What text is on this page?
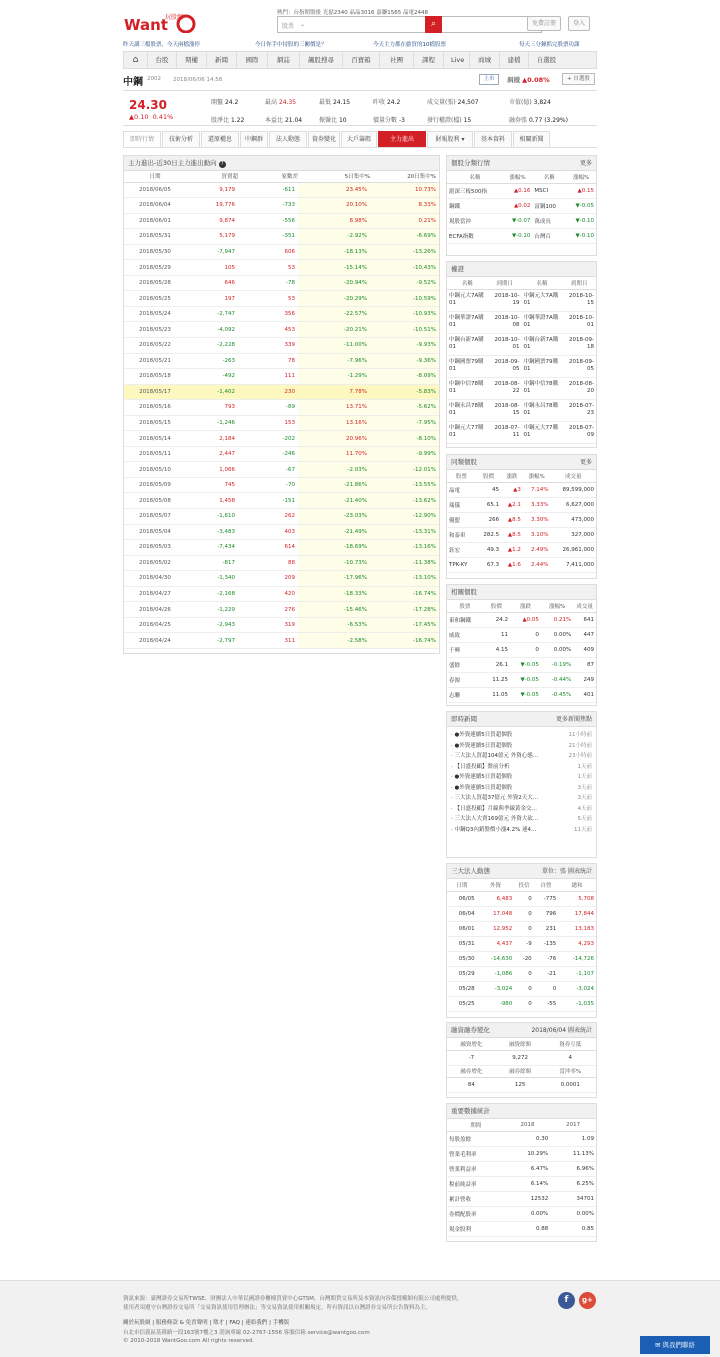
Want
玩股網
熱門：台指期盤後 光磊2340 晶晶3016 嘉聯1565 晶電2448
股票 ⌄	⌕	免費註冊	登入
昨天講三檔股票，今天兩檔漲停	今日你手中持股的三關價是？	今天主力都在偷買的10檔股票	每天三分鐘抓完股票功課
⌂	台股	期權	新聞	國際	網誌	飆股搜尋	百寶箱	社團	課程	Live	商城	建檔	自選股
中鋼 2002 2018/06/06 14:58	上市	鋼鐵 ▲0.08%	+ 自選股
24.30
▲0.10 0.41%
開盤 24.2	最高 24.35	最低 24.15	昨收 24.2	成交量(張) 24,507	市值(億) 3,824
股淨比 1.22	本益比 21.04	振盪比 10	價量分數 -3	發行權證(檔) 15	融券張 0.77 (3.29%)
即時行情	技術分析	還原權息	中鋼群	法人動態	資券變化	大戶籌碼	主力進出	財報股利 ▾	基本資料	相關新聞
主力進出-近30日主力進出動向 ?
日期	買賣超	家數差	5日集中%	20日集中%
2018/06/05	9,179	-611	23.45%	10.73%
2018/06/04	19,776	-733	20.10%	8.33%
2018/06/01	9,874	-556	8.98%	0.21%
2018/05/31	5,179	-351	-2.92%	-6.69%
2018/05/30	-7,947	606	-18.13%	-13.26%
2018/05/29	105	53	-15.14%	-10.43%
2018/05/28	646	-78	-20.94%	-9.52%
2018/05/25	197	53	-20.29%	-10.59%
2018/05/24	-2,747	356	-22.57%	-10.93%
2018/05/23	-4,092	453	-20.21%	-10.51%
2018/05/22	-2,228	339	-11.00%	-9.93%
2018/05/21	-263	78	-7.96%	-9.36%
2018/05/18	-492	111	-1.29%	-8.09%
2018/05/17	-1,402	230	7.78%	-5.83%
2018/05/16	793	-89	13.71%	-5.62%
2018/05/15	-1,246	153	13.16%	-7.95%
2018/05/14	2,184	-202	20.96%	-8.10%
2018/05/11	2,447	-246	11.70%	-9.99%
2018/05/10	1,066	-67	-2.03%	-12.01%
2018/05/09	745	-70	-21.86%	-13.55%
2018/05/08	1,458	-151	-21.40%	-13.62%
2018/05/07	-1,610	262	-23.03%	-12.90%
2018/05/04	-3,483	403	-21.49%	-13.31%
2018/05/03	-7,434	614	-18.69%	-13.16%
2018/05/02	-817	88	-10.73%	-11.38%
2018/04/30	-1,340	209	-17.96%	-13.10%
2018/04/27	-2,168	420	-18.33%	-16.74%
2018/04/26	-1,229	276	-15.46%	-17.28%
2018/04/25	-2,943	319	-6.53%	-17.45%
2018/04/24	-2,797	311	-2.58%	-16.74%
個股分類行情	更多
名稱	漲幅%	名稱	漲幅%
滬深三板500指	▲0.16	MSCI	▲0.15
鋼鐵	▲0.02	富鋼100	▼-0.05
現股當沖	▼-0.07	萬成長	▼-0.10
ECFA指數	▼-0.10	台灣百	▼-0.10
權證
名稱	到期日	名稱	到期日
中鋼元大7A購01	2018-10-19	中鋼元大7A購01	2018-10-15
中鋼華證7A購01	2018-10-08	中鋼華證7A購01	2018-10-01
中鋼台新7A購01	2018-10-01	中鋼台新7A購01	2018-09-18
中鋼國票79購01	2018-09-05	中鋼國票79購01	2018-09-05
中鋼中信78購01	2018-08-22	中鋼中信78購01	2018-08-20
中鋼永昌78購01	2018-08-15	中鋼永昌78購01	2018-07-23
中鋼元大77購01	2018-07-11	中鋼元大77購01	2018-07-09
同類個股	更多
股票	股價	漲跌	漲幅%	成交量
晶電	45	▲3	7.14%	89,599,000
瑞儀	65.1	▲2.1	3.33%	6,627,000
優盟	266	▲8.5	3.30%	473,000
和泰車	282.5	▲8.5	3.10%	327,000
鈺宏	49.3	▲1.2	2.49%	26,961,000
TPK-KY	67.3	▲1.6	2.44%	7,411,000
相關個股
股票	股價	漲跌	漲幅%	成交量
東和鋼鐵	24.2	▲0.05	0.21%	641
威致	11	0	0.00%	447
千興	4.15	0	0.00%	409
盛餘	26.1	▼-0.05	-0.19%	87
春源	11.25	▼-0.05	-0.44%	249
志聯	11.05	▼-0.05	-0.45%	401
即時新聞	更多新聞焦點
· ●外資連續5日買超個股	11小時前
· ●外資連續5日買超個股	21小時前
· 三大法人買超104億元 外資心態…	23小時前
· 【日盛投顧】盤前分析	1天前
· ●外資連續5日買超個股	1天前
· ●外資連續5日買超個股	3天前
· 三大法人買超37億元 外資2天大…	3天前
· 【日盛投顧】月線與季線黃金交…	4天前
· 三大法人大賣169億元 外資大砍…	5天前
· 中鋼Q3內銷盤價小漲4.2% 連4…	11天前
三大法人動態	單位：張 圖表統計
日期	外資	投信	自營	總和
06/05	6,483	0	-775	5,708
06/04	17,048	0	796	17,844
06/01	12,952	0	231	13,183
05/31	4,437	-9	-135	4,293
05/30	-14,630	-20	-76	-14,726
05/29	-1,086	0	-21	-1,107
05/28	-3,024	0	0	-3,024
05/25	-980	0	-55	-1,035
融資融券變化	2018/06/04 圖表統計
融資增化	融資餘額	資券互抵
-7	9,272	4
融券增化	融券餘額	當沖率%
84	125	0.0001
重要數據統計
期間	2018	2017
每股盈餘	0.30	1.09
營業毛利率	10.29%	11.13%
營業利益率	6.47%	6.96%
稅前純益率	6.14%	6.25%
累計營收	12532	34701
券價配股率	0.00%	0.00%
現金股利	0.88	0.85
資訊來源：臺灣證券交易所TWSE、財團法人中華民國證券櫃檯買賣中心GTSM、台灣期貨交易所及本資訊內容係授權網有限公司處理提供。
使用者須遵守台灣證券交易所「交易資訊使用管理辦法」等交易資訊使用相關規定。所有資訊以台灣證券交易所公告資料為主。
關於玩股網 | 服務條款 & 免責聲明 | 徵才 | FAQ | 連絡我們 | 手機版
台北市信義區基隆路一段163號7樓之3 諮詢專線 02-2767-1556 客服信箱 service@wantgoo.com
© 2010-2018 WantGoo.com All rights reserved.
f	g+
✉ 與我們聯絡
